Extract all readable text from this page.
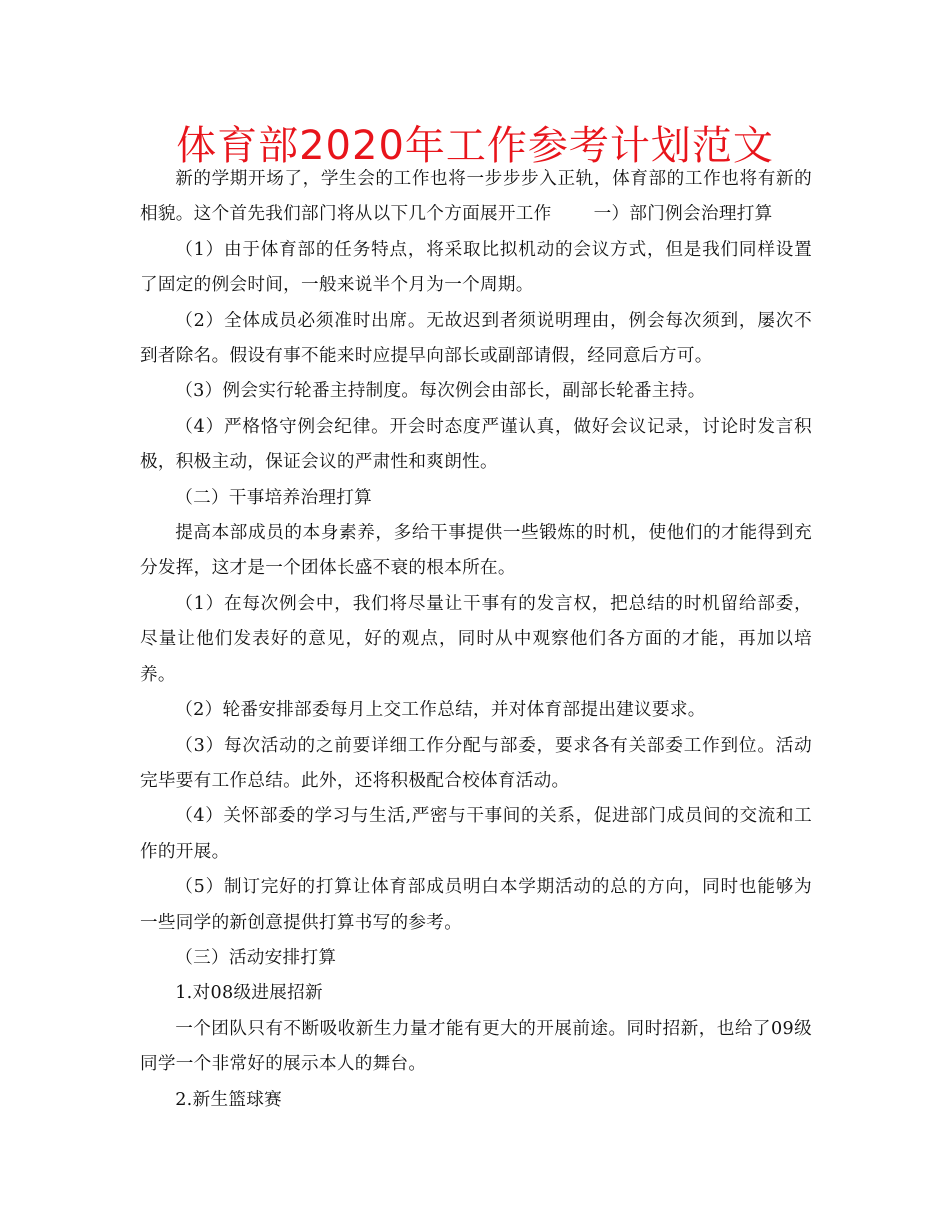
体育部2020年工作参考计划范文

新的学期开场了，学生会的工作也将一步步步入正轨，体育部的工作也将有新的相貌。这个首先我们部门将从以下几个方面展开工作 一）部门例会治理打算

（1）由于体育部的任务特点，将采取比拟机动的会议方式，但是我们同样设置了固定的例会时间，一般来说半个月为一个周期。

（2）全体成员必须准时出席。无故迟到者须说明理由，例会每次须到，屡次不到者除名。假设有事不能来时应提早向部长或副部请假，经同意后方可。

（3）例会实行轮番主持制度。每次例会由部长，副部长轮番主持。

（4）严格恪守例会纪律。开会时态度严谨认真，做好会议记录，讨论时发言积极，积极主动，保证会议的严肃性和爽朗性。

（二）干事培养治理打算

提高本部成员的本身素养，多给干事提供一些锻炼的时机，使他们的才能得到充分发挥，这才是一个团体长盛不衰的根本所在。

（1）在每次例会中，我们将尽量让干事有的发言权，把总结的时机留给部委，尽量让他们发表好的意见，好的观点，同时从中观察他们各方面的才能，再加以培养。

（2）轮番安排部委每月上交工作总结，并对体育部提出建议要求。

（3）每次活动的之前要详细工作分配与部委，要求各有关部委工作到位。活动完毕要有工作总结。此外，还将积极配合校体育活动。

（4）关怀部委的学习与生活,严密与干事间的关系，促进部门成员间的交流和工作的开展。

（5）制订完好的打算让体育部成员明白本学期活动的总的方向，同时也能够为一些同学的新创意提供打算书写的参考。

（三）活动安排打算

1.对08级进展招新

一个团队只有不断吸收新生力量才能有更大的开展前途。同时招新，也给了09级同学一个非常好的展示本人的舞台。

2.新生篮球赛
